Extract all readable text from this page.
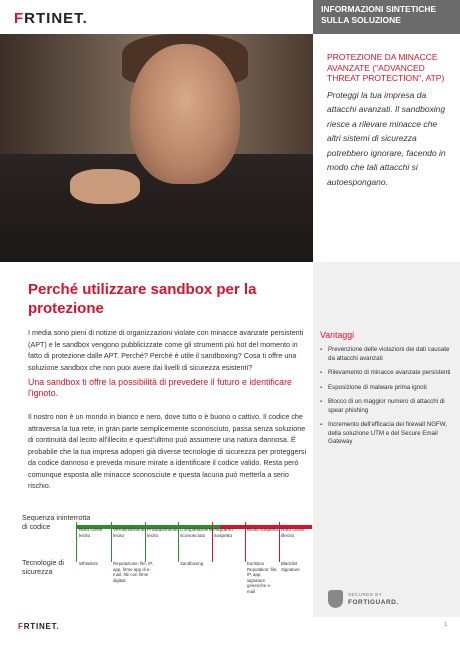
FRTINET.
INFORMAZIONI SINTETICHE
SULLA SOLUZIONE
PROTEZIONE DA MINACCE AVANZATE ("ADVANCED THREAT PROTECTION", ATP)
Proteggi la tua impresa da attacchi avanzati. Il sandboxing riesce a rilevare minacce che altri sistemi di sicurezza potrebbero ignorare, facendo in modo che tali attacchi si autoespongano.
Perché utilizzare sandbox per la protezione

I media sono pieni di notizie di organizzazioni violate con minacce avanzate persistenti (APT) e le sandbox vengono pubblicizzate come gli strumenti più hot del momento in fatto di protezione dalle APT. Perché? Perché è utile il sandboxing? Cosa ti offre una soluzione sandbox che non puoi avere dai livelli di sicurezza esistenti?

Una sandbox ti offre la possibilità di prevedere il futuro e identificare l'ignoto.

Il nostro non è un mondo in bianco e nero, dove tutto o è buono o cattivo. Il codice che attraversa la tua rete, in gran parte semplicemente sconosciuto, passa senza soluzione di continuità dal lecito all'illecito e quest'ultimo può assumere una natura dannosa. È probabile che la tua impresa adoperi già diverse tecnologie di sicurezza per proteggersi da codice dannoso e preveda misure mirate a identificare il codice valido. Resta però comunque esposta alle minacce sconosciute e questa lacuna può metterla a serio rischio.

Vantaggi
▪ Prevenzione delle violazioni dei dati causate da attacchi avanzati
▪ Rilevamento di minacce avanzate persistenti
▪ Esposizione di malware prima ignoti
▪ Blocco di un maggior numero di attacchi di spear phishing
▪ Incremento dell'efficacia dei firewall NGFW, della soluzione UTM e del Secure Email Gateway
Sequenza ininterrotta di codice
Tecnologie di sicurezza
Noto come lecito
Verosimilmente lecito
Probabilmente lecito
Completamente sconosciuto
Alquanto sospetto
Molto sospetto Noto come illecito
Whitelists	Reputazione: file, IP, app, firme app di e-mail, file con firme digitali
Sandboxing	Euristica Reputation: file, IP, app, signature generiche e-mail
Blacklist Signature
SECURED BY
FORTIGUARD.
FRTINET.	1
